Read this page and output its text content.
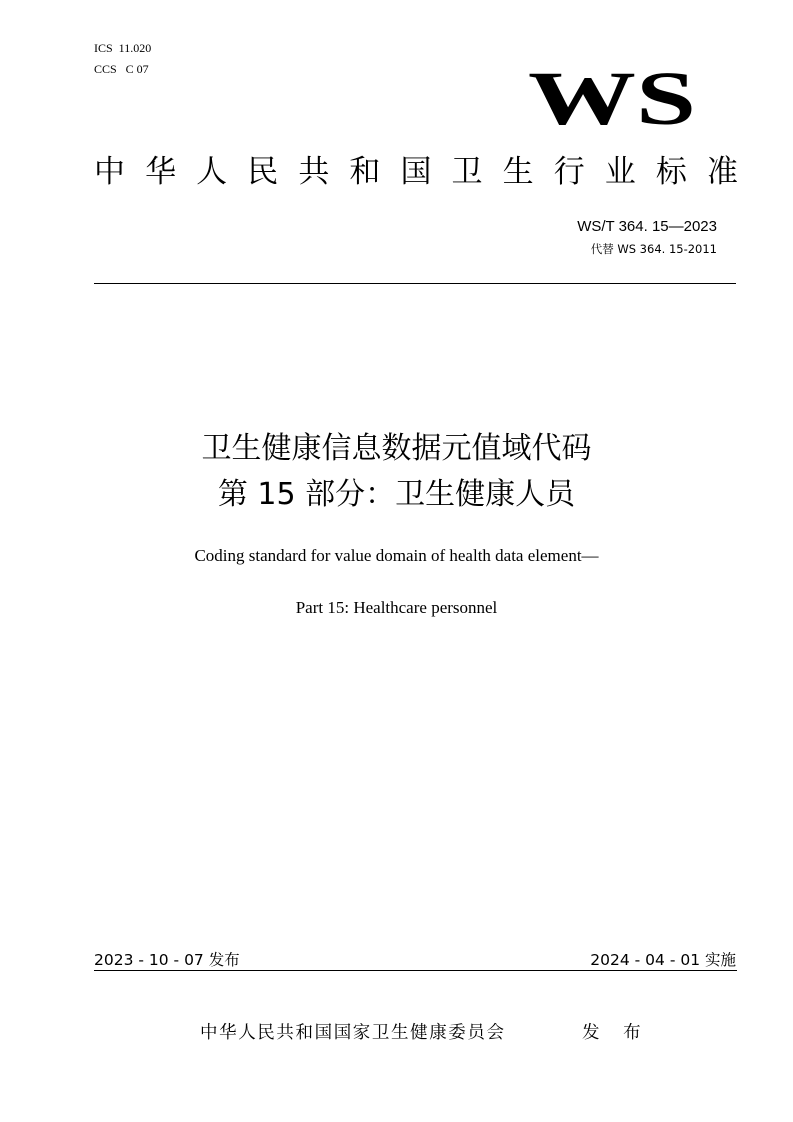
ICS  11.020
CCS   C 07	WS
中 华 人 民 共 和 国 卫 生 行 业 标 准
WS/T 364. 15—2023
代替 WS 364. 15-2011
卫生健康信息数据元值域代码
第 15 部分：卫生健康人员
Coding standard for value domain of health data element—
Part 15: Healthcare personnel
2023 - 10 - 07 发布	2024 - 04 - 01 实施
中华人民共和国国家卫生健康委员会	发 布
